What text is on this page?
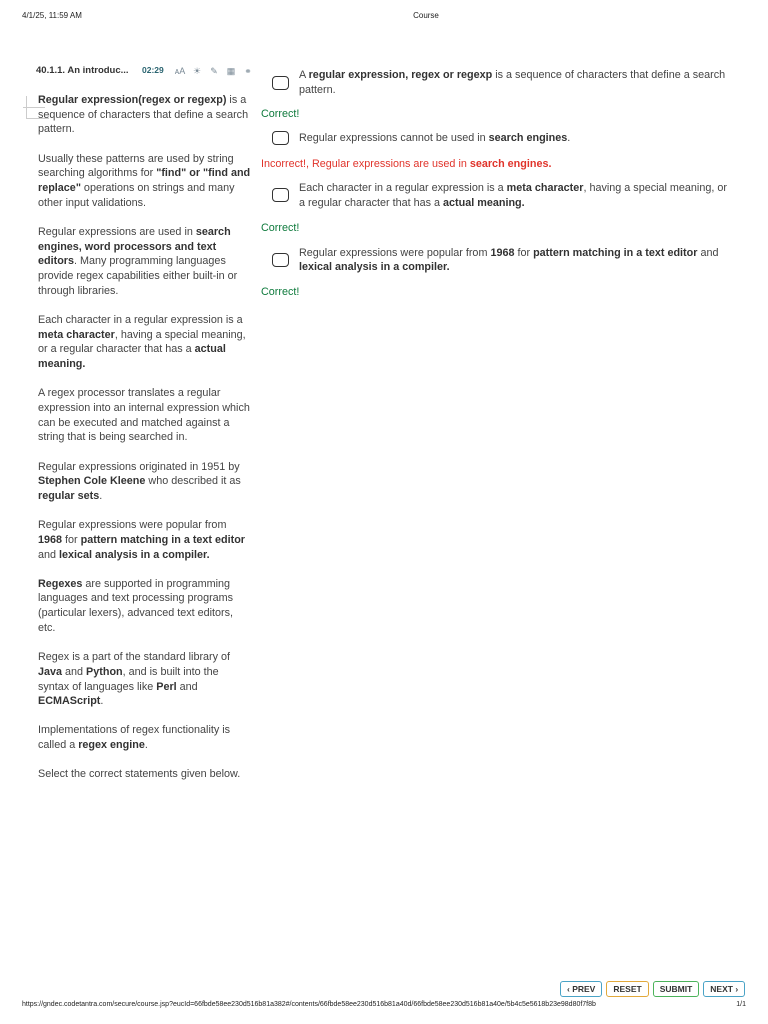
4/1/25, 11:59 AM	Course
40.1.1. An introduc...	02:29 ᴀA ☀ ✎ ▦ ⚭

Regular expression(regex or regexp) is a sequence of characters that define a search pattern.

Usually these patterns are used by string searching algorithms for "find" or "find and replace" operations on strings and many other input validations.

Regular expressions are used in search engines, word processors and text editors. Many programming languages provide regex capabilities either built-in or through libraries.

Each character in a regular expression is a meta character, having a special meaning, or a regular character that has a actual meaning.

A regex processor translates a regular expression into an internal expression which can be executed and matched against a string that is being searched in.

Regular expressions originated in 1951 by Stephen Cole Kleene who described it as regular sets.

Regular expressions were popular from 1968 for pattern matching in a text editor and lexical analysis in a compiler.

Regexes are supported in programming languages and text processing programs (particular lexers), advanced text editors, etc.

Regex is a part of the standard library of Java and Python, and is built into the syntax of languages like Perl and ECMAScript.

Implementations of regex functionality is called a regex engine.

Select the correct statements given below.

A regular expression, regex or regexp is a sequence of characters that define a search pattern.
Correct!
Regular expressions cannot be used in search engines.
Incorrect!, Regular expressions are used in search engines.
Each character in a regular expression is a meta character, having a special meaning, or a regular character that has a actual meaning.
Correct!
Regular expressions were popular from 1968 for pattern matching in a text editor and lexical analysis in a compiler.
Correct!
‹ PREV	RESET	SUBMIT	NEXT ›
https://gndec.codetantra.com/secure/course.jsp?eucId=66fbde58ee230d516b81a382#/contents/66fbde58ee230d516b81a40d/66fbde58ee230d516b81a40e/5b4c5e5618b23e98d80f7f8b	1/1
